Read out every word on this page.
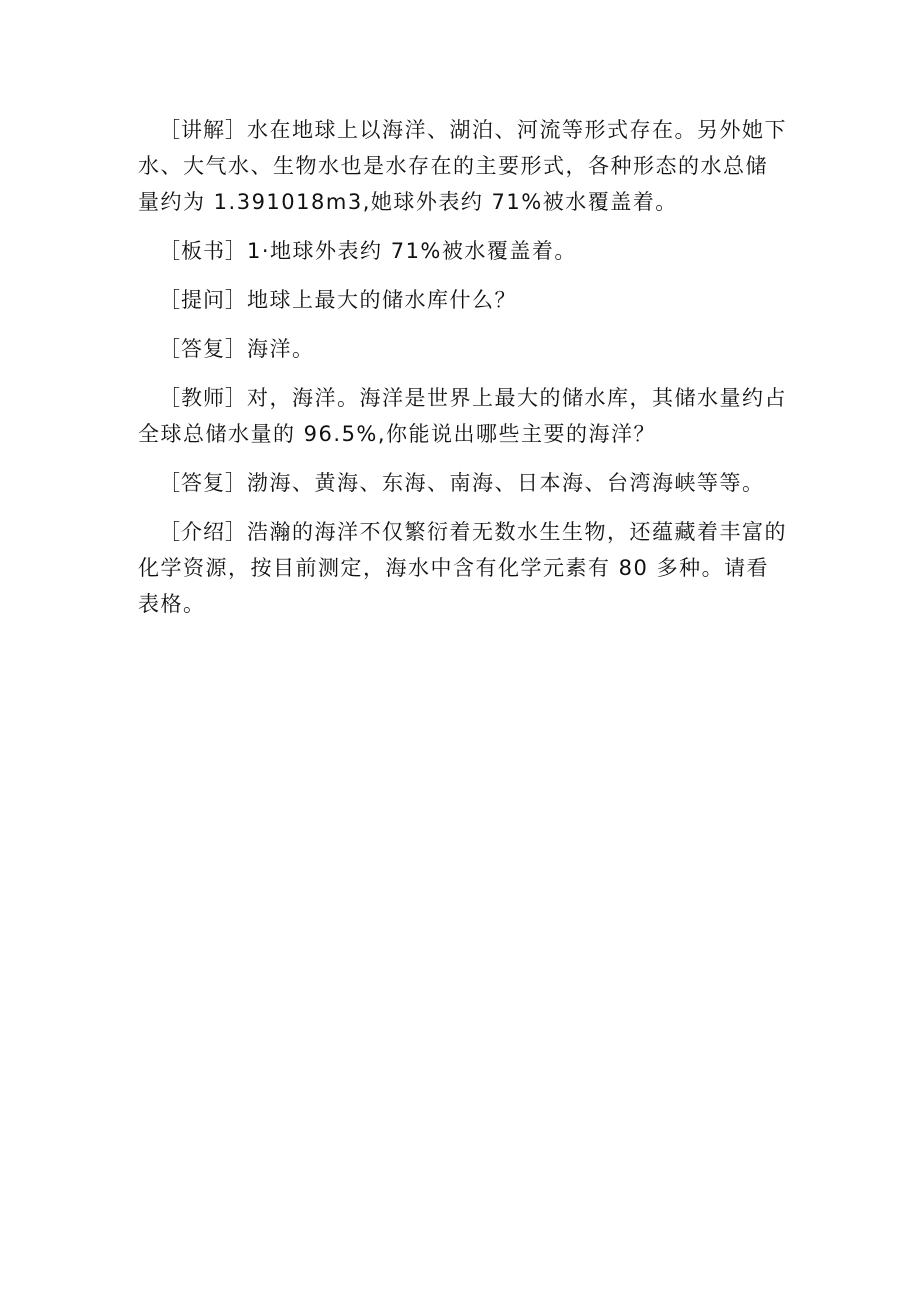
［讲解］水在地球上以海洋、湖泊、河流等形式存在。另外她下水、大气水、生物水也是水存在的主要形式，各种形态的水总储量约为 1.391018m3,她球外表约 71%被水覆盖着。

［板书］1·地球外表约 71%被水覆盖着。

［提问］地球上最大的储水库什么？

［答复］海洋。

［教师］对，海洋。海洋是世界上最大的储水库，其储水量约占全球总储水量的 96.5%,你能说出哪些主要的海洋？

［答复］渤海、黄海、东海、南海、日本海、台湾海峡等等。

［介绍］浩瀚的海洋不仅繁衍着无数水生生物，还蕴藏着丰富的化学资源，按目前测定，海水中含有化学元素有 80 多种。请看表格。
